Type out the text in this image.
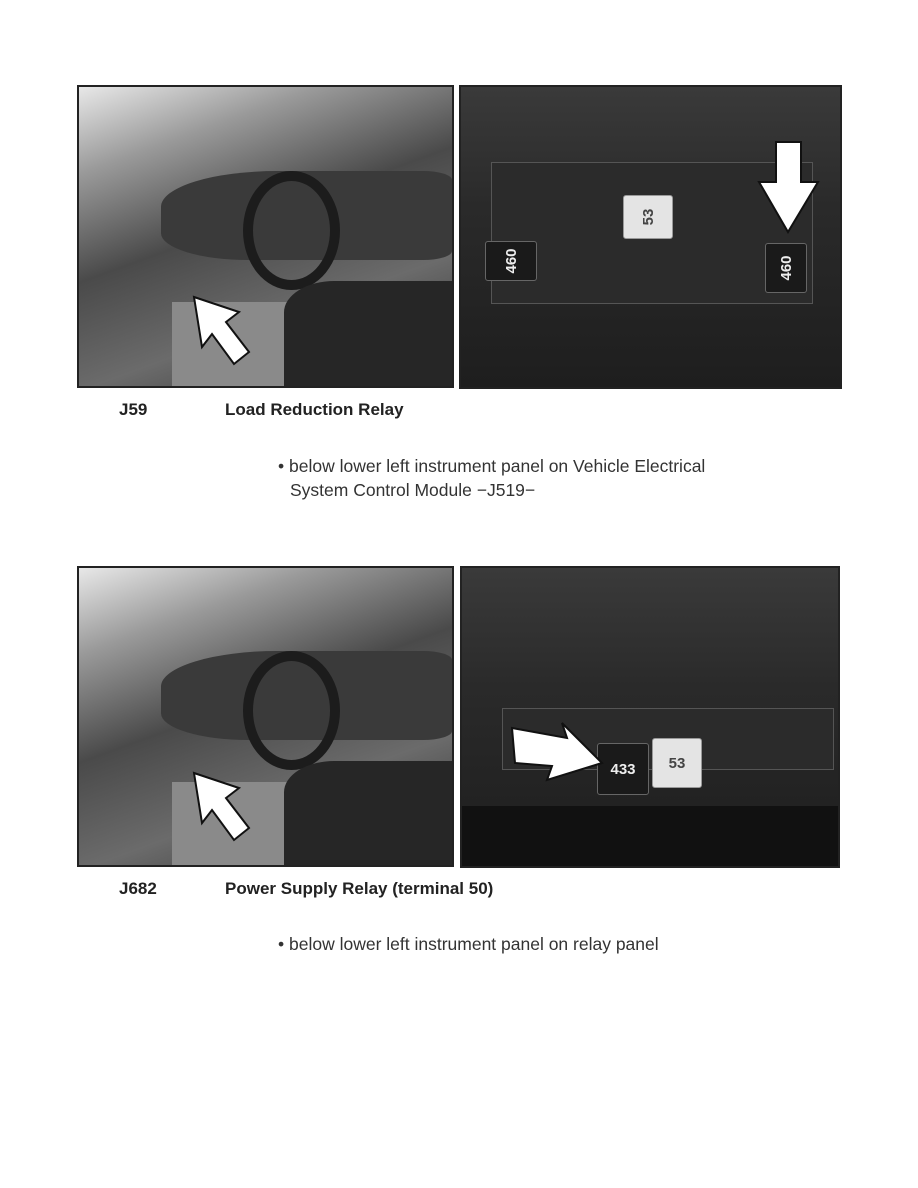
460
53
460
J59	Load Reduction Relay
• below lower left instrument panel on Vehicle Electrical
System Control Module −J519−
433	53
J682	Power Supply Relay (terminal 50)
• below lower left instrument panel on relay panel
